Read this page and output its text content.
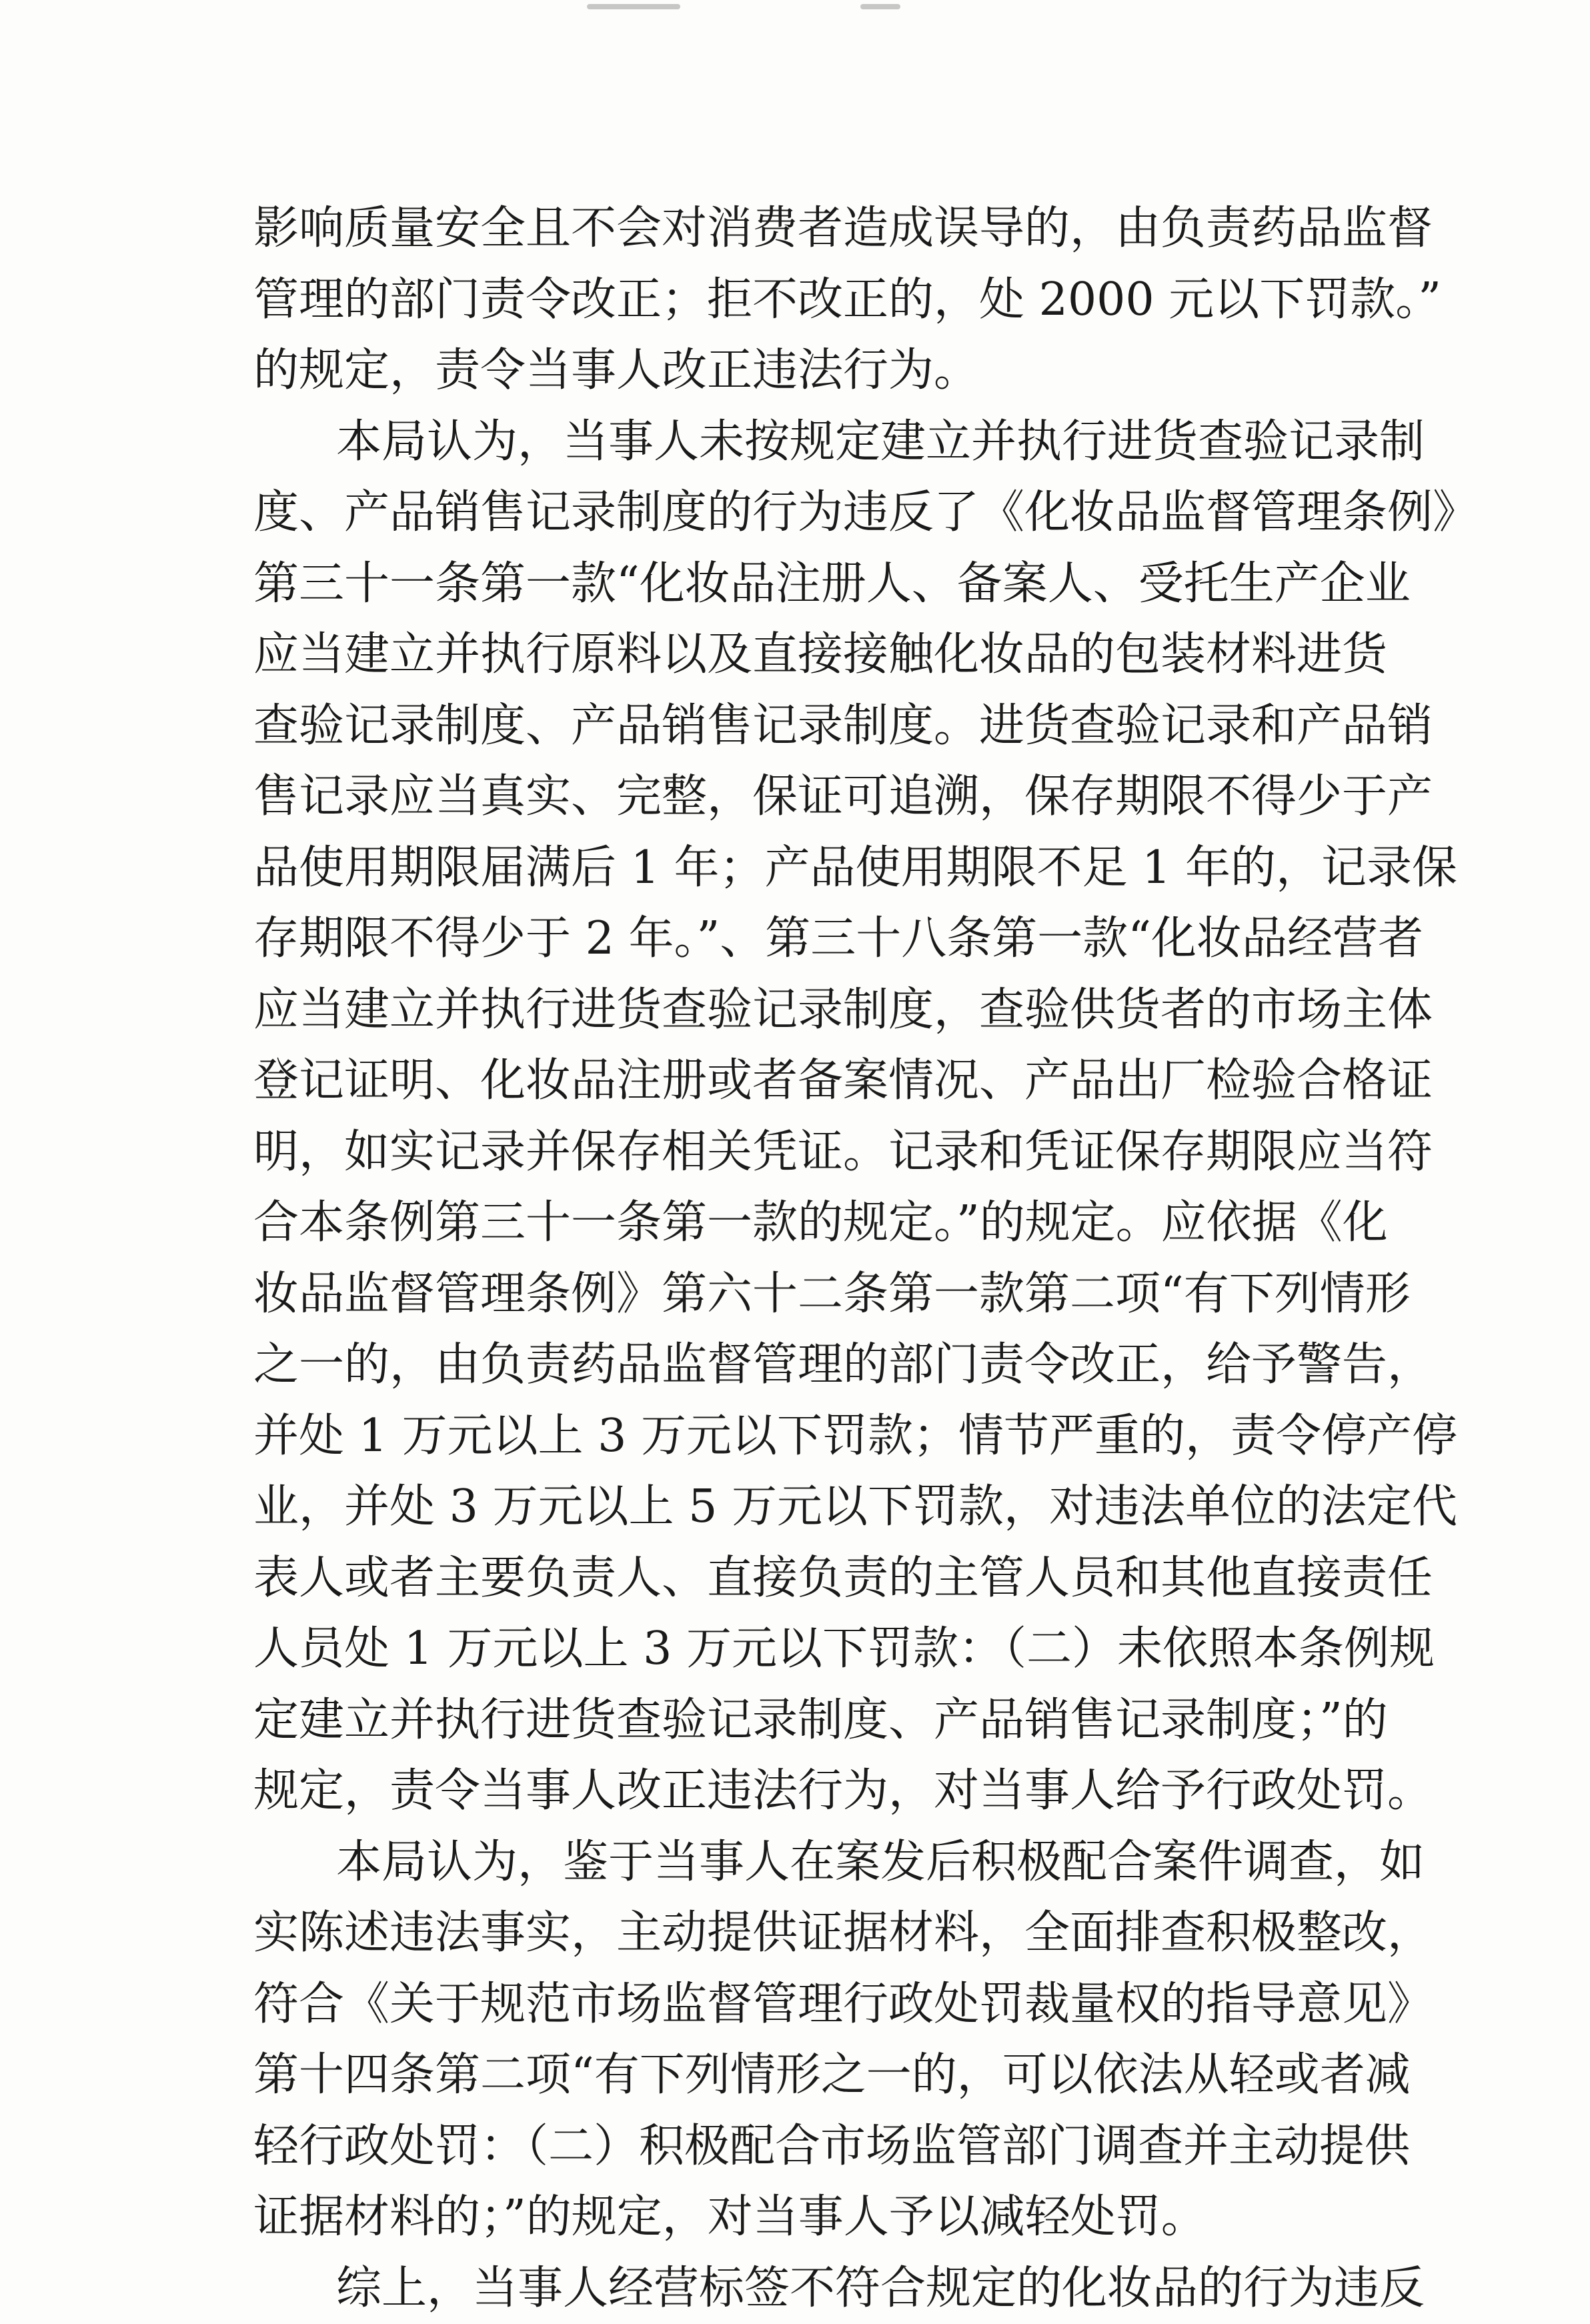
影响质量安全且不会对消费者造成误导的，由负责药品监督
管理的部门责令改正；拒不改正的，处 2000 元以下罚款。”
的规定，责令当事人改正违法行为。
本局认为，当事人未按规定建立并执行进货查验记录制
度、产品销售记录制度的行为违反了《化妆品监督管理条例》
第三十一条第一款“化妆品注册人、备案人、受托生产企业
应当建立并执行原料以及直接接触化妆品的包装材料进货
查验记录制度、产品销售记录制度。进货查验记录和产品销
售记录应当真实、完整，保证可追溯，保存期限不得少于产
品使用期限届满后 1 年；产品使用期限不足 1 年的，记录保
存期限不得少于 2 年。”、第三十八条第一款“化妆品经营者
应当建立并执行进货查验记录制度，查验供货者的市场主体
登记证明、化妆品注册或者备案情况、产品出厂检验合格证
明，如实记录并保存相关凭证。记录和凭证保存期限应当符
合本条例第三十一条第一款的规定。”的规定。应依据《化
妆品监督管理条例》第六十二条第一款第二项“有下列情形
之一的，由负责药品监督管理的部门责令改正，给予警告，
并处 1 万元以上 3 万元以下罚款；情节严重的，责令停产停
业，并处 3 万元以上 5 万元以下罚款，对违法单位的法定代
表人或者主要负责人、直接负责的主管人员和其他直接责任
人员处 1 万元以上 3 万元以下罚款：（二）未依照本条例规
定建立并执行进货查验记录制度、产品销售记录制度；”的
规定，责令当事人改正违法行为，对当事人给予行政处罚。
本局认为，鉴于当事人在案发后积极配合案件调查，如
实陈述违法事实，主动提供证据材料，全面排查积极整改，
符合《关于规范市场监督管理行政处罚裁量权的指导意见》
第十四条第二项“有下列情形之一的，可以依法从轻或者减
轻行政处罚：（二）积极配合市场监管部门调查并主动提供
证据材料的；”的规定，对当事人予以减轻处罚。
综上，当事人经营标签不符合规定的化妆品的行为违反
